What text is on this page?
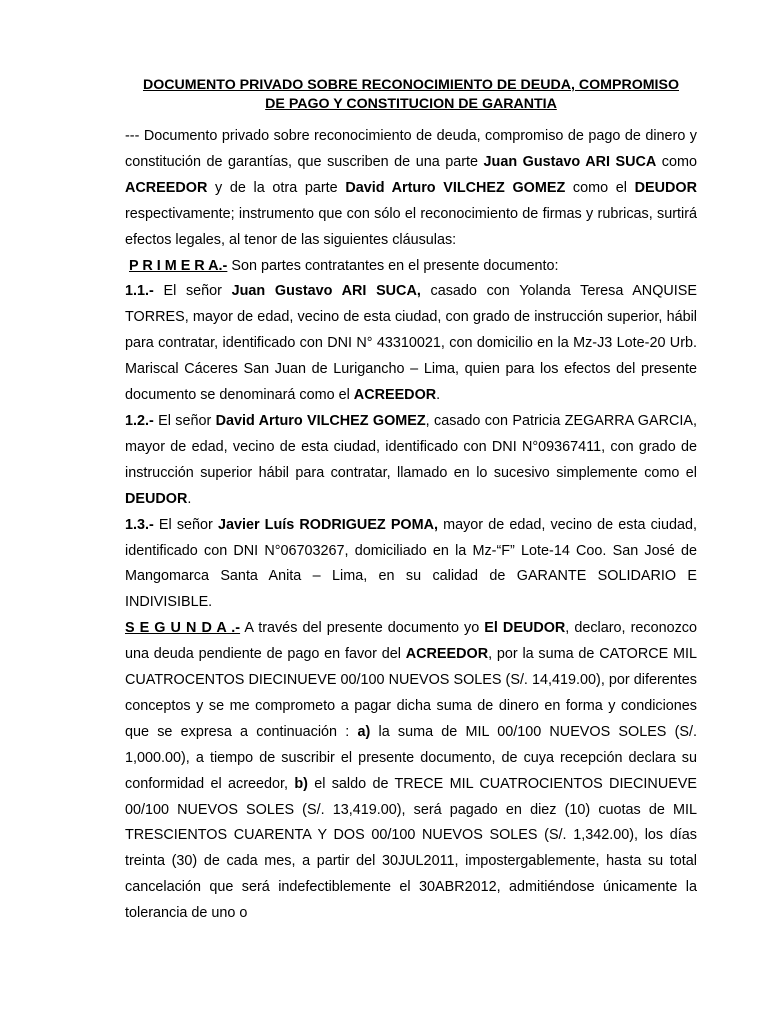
DOCUMENTO PRIVADO SOBRE RECONOCIMIENTO DE DEUDA, COMPROMISO
DE PAGO Y CONSTITUCION DE GARANTIA

--- Documento privado sobre reconocimiento de deuda, compromiso de pago de dinero y constitución de garantías, que suscriben de una parte Juan Gustavo ARI SUCA como ACREEDOR y de la otra parte David Arturo VILCHEZ GOMEZ como el DEUDOR respectivamente; instrumento que con sólo el reconocimiento de firmas y rubricas, surtirá efectos legales, al tenor de las siguientes cláusulas:

P R I M E R A.- Son partes contratantes en el presente documento:

1.1.- El señor Juan Gustavo ARI SUCA, casado con Yolanda Teresa ANQUISE TORRES, mayor de edad, vecino de esta ciudad, con grado de instrucción superior, hábil para contratar, identificado con DNI N° 43310021, con domicilio en la Mz-J3 Lote-20 Urb. Mariscal Cáceres San Juan de Lurigancho – Lima, quien para los efectos del presente documento se denominará como el ACREEDOR.

1.2.- El señor David Arturo VILCHEZ GOMEZ, casado con Patricia ZEGARRA GARCIA, mayor de edad, vecino de esta ciudad, identificado con DNI N°09367411, con grado de instrucción superior hábil para contratar, llamado en lo sucesivo simplemente como el DEUDOR.

1.3.- El señor Javier Luís RODRIGUEZ POMA, mayor de edad, vecino de esta ciudad, identificado con DNI N°06703267, domiciliado en la Mz-“F” Lote-14 Coo. San José de Mangomarca Santa Anita – Lima, en su calidad de GARANTE SOLIDARIO E INDIVISIBLE.

S E G U N D A .- A través del presente documento yo El DEUDOR, declaro, reconozco una deuda pendiente de pago en favor del ACREEDOR, por la suma de CATORCE MIL CUATROCENTOS DIECINUEVE 00/100 NUEVOS SOLES (S/. 14,419.00), por diferentes conceptos y se me comprometo a pagar dicha suma de dinero en forma y condiciones que se expresa a continuación : a) la suma de MIL 00/100 NUEVOS SOLES (S/. 1,000.00), a tiempo de suscribir el presente documento, de cuya recepción declara su conformidad el acreedor, b) el saldo de TRECE MIL CUATROCIENTOS DIECINUEVE 00/100 NUEVOS SOLES (S/. 13,419.00), será pagado en diez (10) cuotas de MIL TRESCIENTOS CUARENTA Y DOS 00/100 NUEVOS SOLES (S/. 1,342.00), los días treinta (30) de cada mes, a partir del 30JUL2011, impostergablemente, hasta su total cancelación que será indefectiblemente el 30ABR2012, admitiéndose únicamente la tolerancia de uno o
